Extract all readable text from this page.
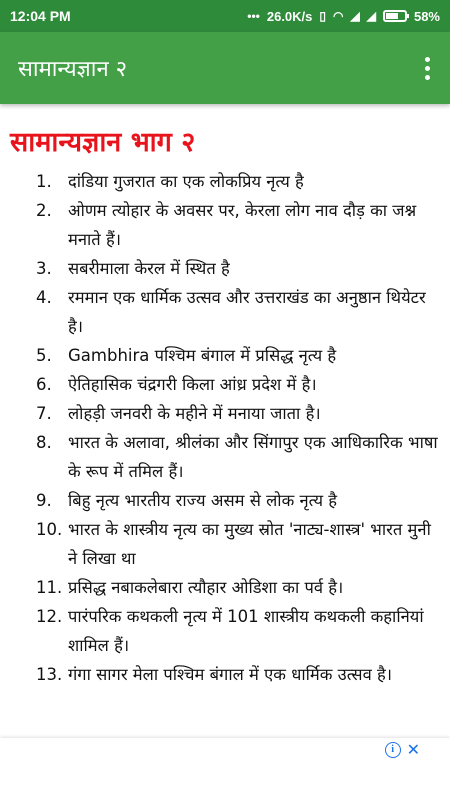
12:04 PM	••• 26.0K/s ▯ ◠ ◢ ◢	58%
सामान्यज्ञान २
सामान्यज्ञान भाग २
1. दांडिया गुजरात का एक लोकप्रिय नृत्य है
2. ओणम त्योहार के अवसर पर, केरला लोग नाव दौड़ का जश्न मनाते हैं।
3. सबरीमाला केरल में स्थित है
4. रममान एक धार्मिक उत्सव और उत्तराखंड का अनुष्ठान थियेटर है।
5. Gambhira पश्चिम बंगाल में प्रसिद्ध नृत्य है
6. ऐतिहासिक चंद्रगरी किला आंध्र प्रदेश में है।
7. लोहड़ी जनवरी के महीने में मनाया जाता है।
8. भारत के अलावा, श्रीलंका और सिंगापुर एक आधिकारिक भाषा के रूप में तमिल हैं।
9. बिहु नृत्य भारतीय राज्य असम से लोक नृत्य है
10. भारत के शास्त्रीय नृत्य का मुख्य स्रोत 'नाट्य-शास्त्र' भारत मुनी ने लिखा था
11. प्रसिद्ध नबाकलेबारा त्यौहार ओडिशा का पर्व है।
12. पारंपरिक कथकली नृत्य में 101 शास्त्रीय कथकली कहानियां शामिल हैं।
13. गंगा सागर मेला पश्चिम बंगाल में एक धार्मिक उत्सव है।
i ✕
